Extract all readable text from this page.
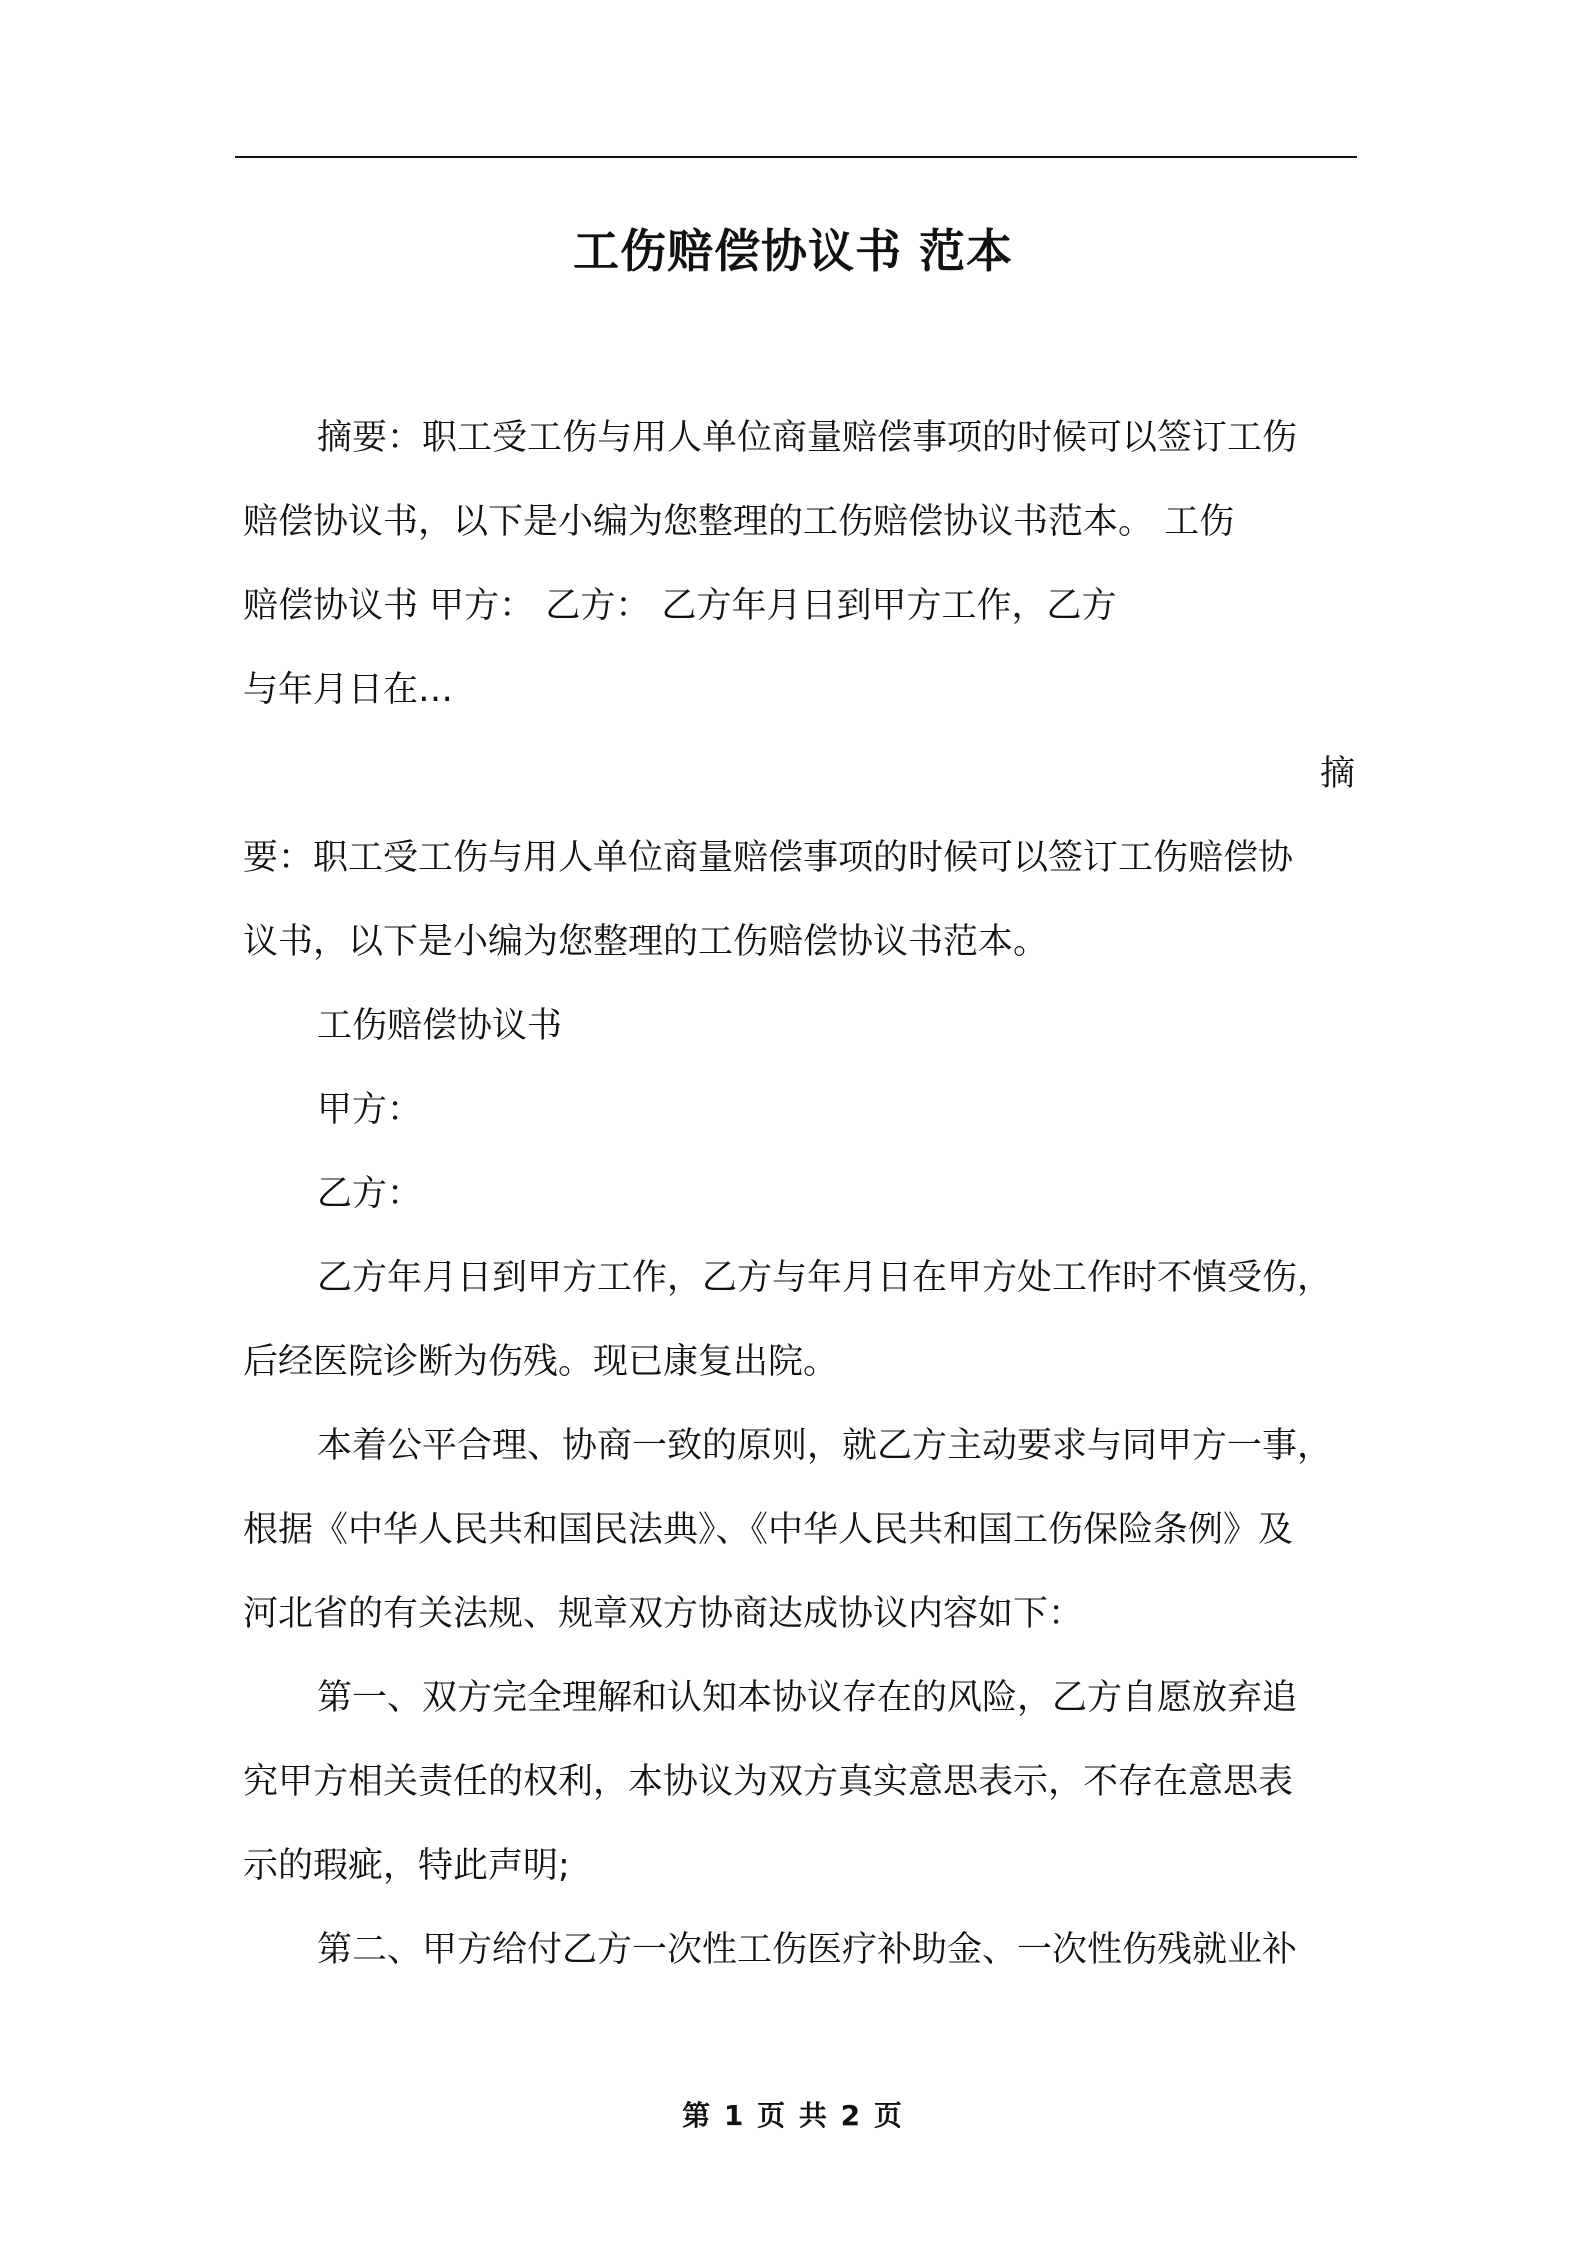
工伤赔偿协议书 范本
摘要：职工受工伤与用人单位商量赔偿事项的时候可以签订工伤
赔偿协议书，以下是小编为您整理的工伤赔偿协议书范本。 工伤
赔偿协议书 甲方： 乙方： 乙方年月日到甲方工作，乙方
与年月日在…
摘
要：职工受工伤与用人单位商量赔偿事项的时候可以签订工伤赔偿协
议书，以下是小编为您整理的工伤赔偿协议书范本。
工伤赔偿协议书
甲方：
乙方：
乙方年月日到甲方工作，乙方与年月日在甲方处工作时不慎受伤，
后经医院诊断为伤残。现已康复出院。
本着公平合理、协商一致的原则，就乙方主动要求与同甲方一事，
根据《中华人民共和国民法典》、《中华人民共和国工伤保险条例》及
河北省的有关法规、规章双方协商达成协议内容如下：
第一、双方完全理解和认知本协议存在的风险，乙方自愿放弃追
究甲方相关责任的权利，本协议为双方真实意思表示，不存在意思表
示的瑕疵，特此声明;
第二、甲方给付乙方一次性工伤医疗补助金、一次性伤残就业补
第 1 页 共 2 页
